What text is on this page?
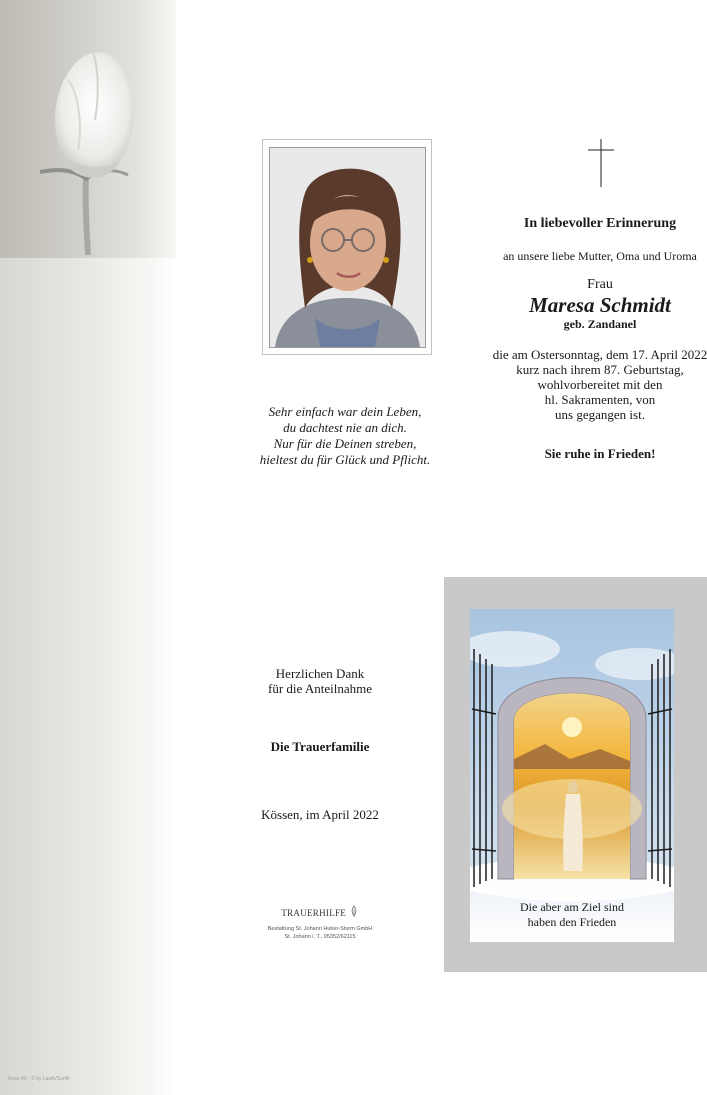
Rose 40 - © by Lauth/Sunfit
In liebevoller Erinnerung
an unsere liebe Mutter, Oma und Uroma
Frau
Maresa Schmidt
geb. Zandanel
die am Ostersonntag, dem 17. April 2022
kurz nach ihrem 87. Geburtstag,
wohlvorbereitet mit den
hl. Sakramenten, von
uns gegangen ist.
Sie ruhe in Frieden!
Sehr einfach war dein Leben,
du dachtest nie an dich.
Nur für die Deinen streben,
hieltest du für Glück und Pflicht.
Herzlichen Dank
für die Anteilnahme
Die Trauerfamilie
Kössen, im April 2022
TRAUERHILFE
Bestattung St. Johann Huber-Sturm GmbH
St. Johann i. T., 05352/62115
Die aber am Ziel sind
haben den Frieden
